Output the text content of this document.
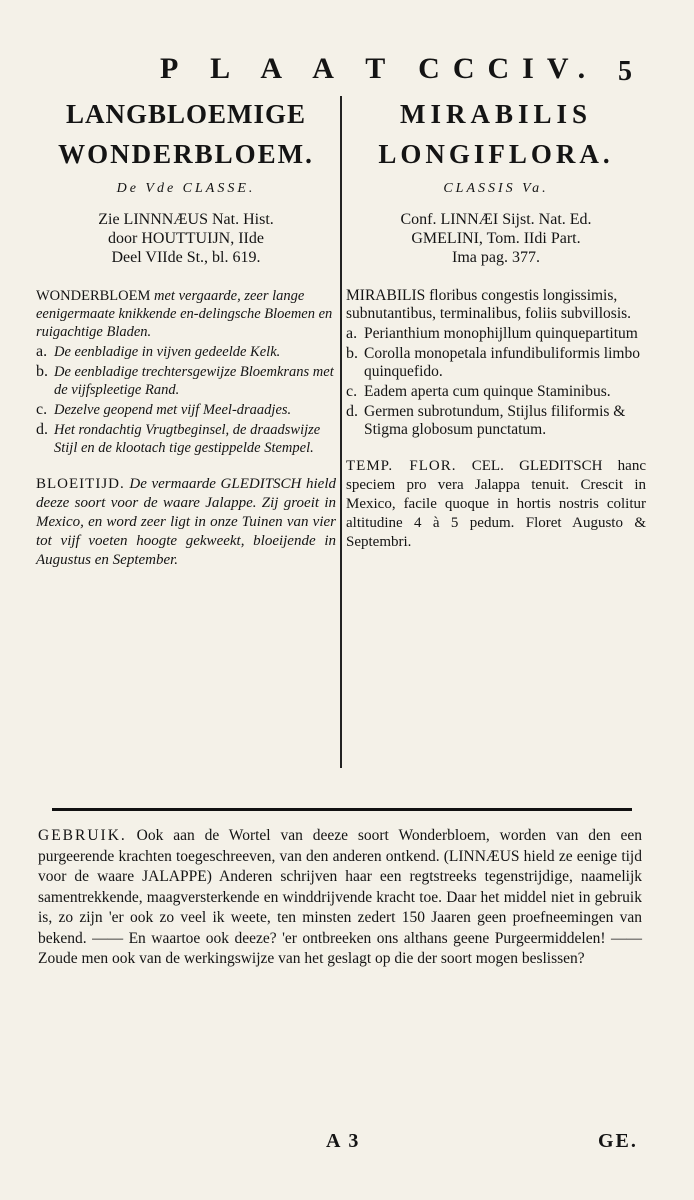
P L A A T CCCIV. 5
LANGBLOEMIGE
WONDERBLOEM.
De Vde CLASSE.
Zie LINNNÆUS Nat. Hist.
door HOUTTUIJN, IIde
Deel VIIde St., bl. 619.
WONDERBLOEM met vergaarde, zeer lange eenigermaate knikkende en-delingsche Bloemen en ruigachtige Bladen.
a. De eenbladige in vijven gedeelde Kelk.
b. De eenbladige trechtersgewijze Bloemkrans met de vijfspleetige Rand.
c. Dezelve geopend met vijf Meel-draadjes.
d. Het rondachtig Vrugtbeginsel, de draadswijze Stijl en de klootach tige gestippelde Stempel.
BLOEITIJD. De vermaarde GLEDITSCH hield deeze soort voor de waare Jalappe. Zij groeit in Mexico, en word zeer ligt in onze Tuinen van vier tot vijf voeten hoogte gekweekt, bloeijende in Augustus en September.
MIRABILIS
LONGIFLORA.
CLASSIS Va.
Conf. LINNÆI Sijst. Nat. Ed.
GMELINI, Tom. IIdi Part.
Ima pag. 377.
MIRABILIS floribus congestis longissimis, subnutantibus, terminalibus, foliis subvillosis.
a. Perianthium monophijllum quinquepartitum
b. Corolla monopetala infundibuliformis limbo quinquefido.
c. Eadem aperta cum quinque Staminibus.
d. Germen subrotundum, Stijlus filiformis & Stigma globosum punctatum.
TEMP. FLOR. CEL. GLEDITSCH hanc speciem pro vera Jalappa tenuit. Crescit in Mexico, facile quoque in hortis nostris colitur altitudine 4 à 5 pedum. Floret Augusto & Septembri.
GEBRUIK. Ook aan de Wortel van deeze soort Wonderbloem, worden van den een purgeerende krachten toegeschreeven, van den anderen ontkend. (LINNÆUS hield ze eenige tijd voor de waare JALAPPE) Anderen schrijven haar een regtstreeks tegenstrijdige, naamelijk samentrekkende, maagversterkende en winddrijvende kracht toe. Daar het middel niet in gebruik is, zo zijn 'er ook zo veel ik weete, ten minsten zedert 150 Jaaren geen proefneemingen van bekend. —— En waartoe ook deeze? 'er ontbreeken ons althans geene Purgeermiddelen! —— Zoude men ook van de werkingswijze van het geslagt op die der soort mogen beslissen?
A 3	GE.
